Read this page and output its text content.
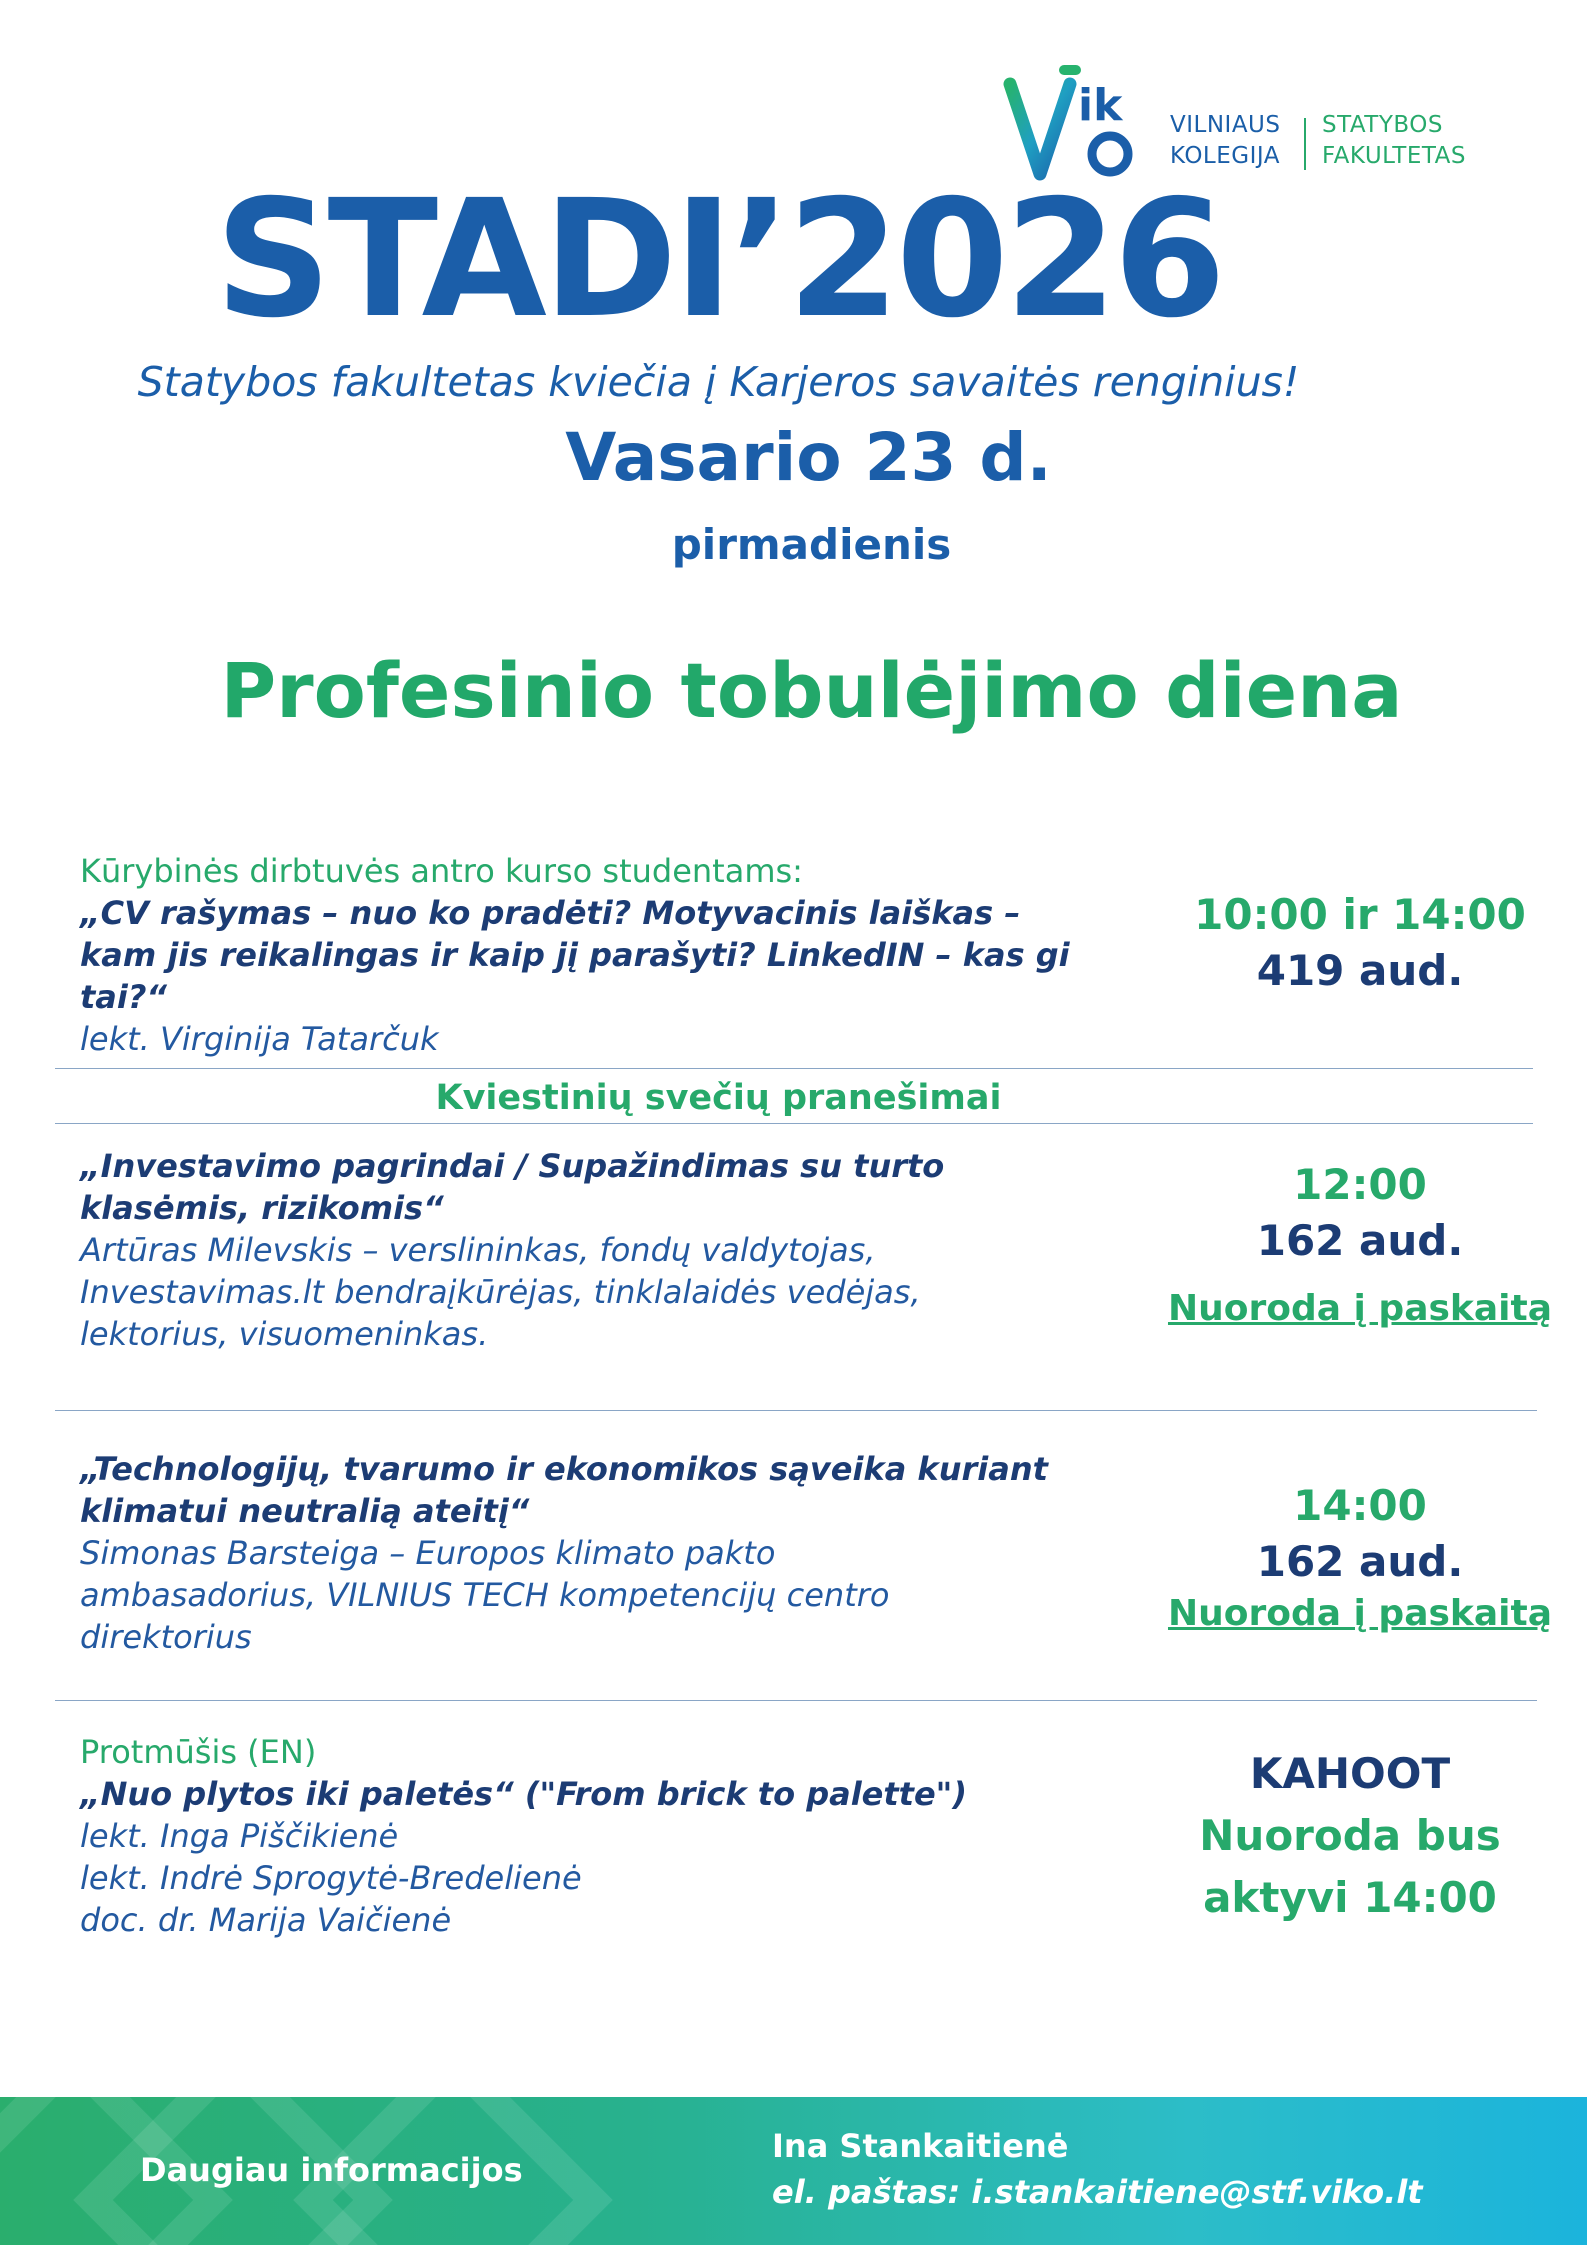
ik VILNIAUS
KOLEGIJA
STATYBOS
FAKULTETAS
STADI’2026
Statybos fakultetas kviečia į Karjeros savaitės renginius!
Vasario 23 d.
pirmadienis
Profesinio tobulėjimo diena
Kūrybinės dirbtuvės antro kurso studentams:
„CV rašymas – nuo ko pradėti? Motyvacinis laiškas –
kam jis reikalingas ir kaip jį parašyti? LinkedIN – kas gi
tai?“
lekt. Virginija Tatarčuk
10:00 ir 14:00
419 aud.
Kviestinių svečių pranešimai
„Investavimo pagrindai / Supažindimas su turto
klasėmis, rizikomis“
Artūras Milevskis – verslininkas, fondų valdytojas,
Investavimas.lt bendraįkūrėjas, tinklalaidės vedėjas,
lektorius, visuomeninkas.
12:00
162 aud.
Nuoroda į paskaitą
„Technologijų, tvarumo ir ekonomikos sąveika kuriant
klimatui neutralią ateitį“
Simonas Barsteiga – Europos klimato pakto
ambasadorius, VILNIUS TECH kompetencijų centro
direktorius
14:00
162 aud.
Nuoroda į paskaitą
Protmūšis (EN)
„Nuo plytos iki paletės“ ("From brick to palette")
lekt. Inga Piščikienė
lekt. Indrė Sprogytė-Bredelienė
doc. dr. Marija Vaičienė
KAHOOT
Nuoroda bus
aktyvi 14:00
Daugiau informacijos
Ina Stankaitienė
el. paštas: i.stankaitiene@stf.viko.lt
